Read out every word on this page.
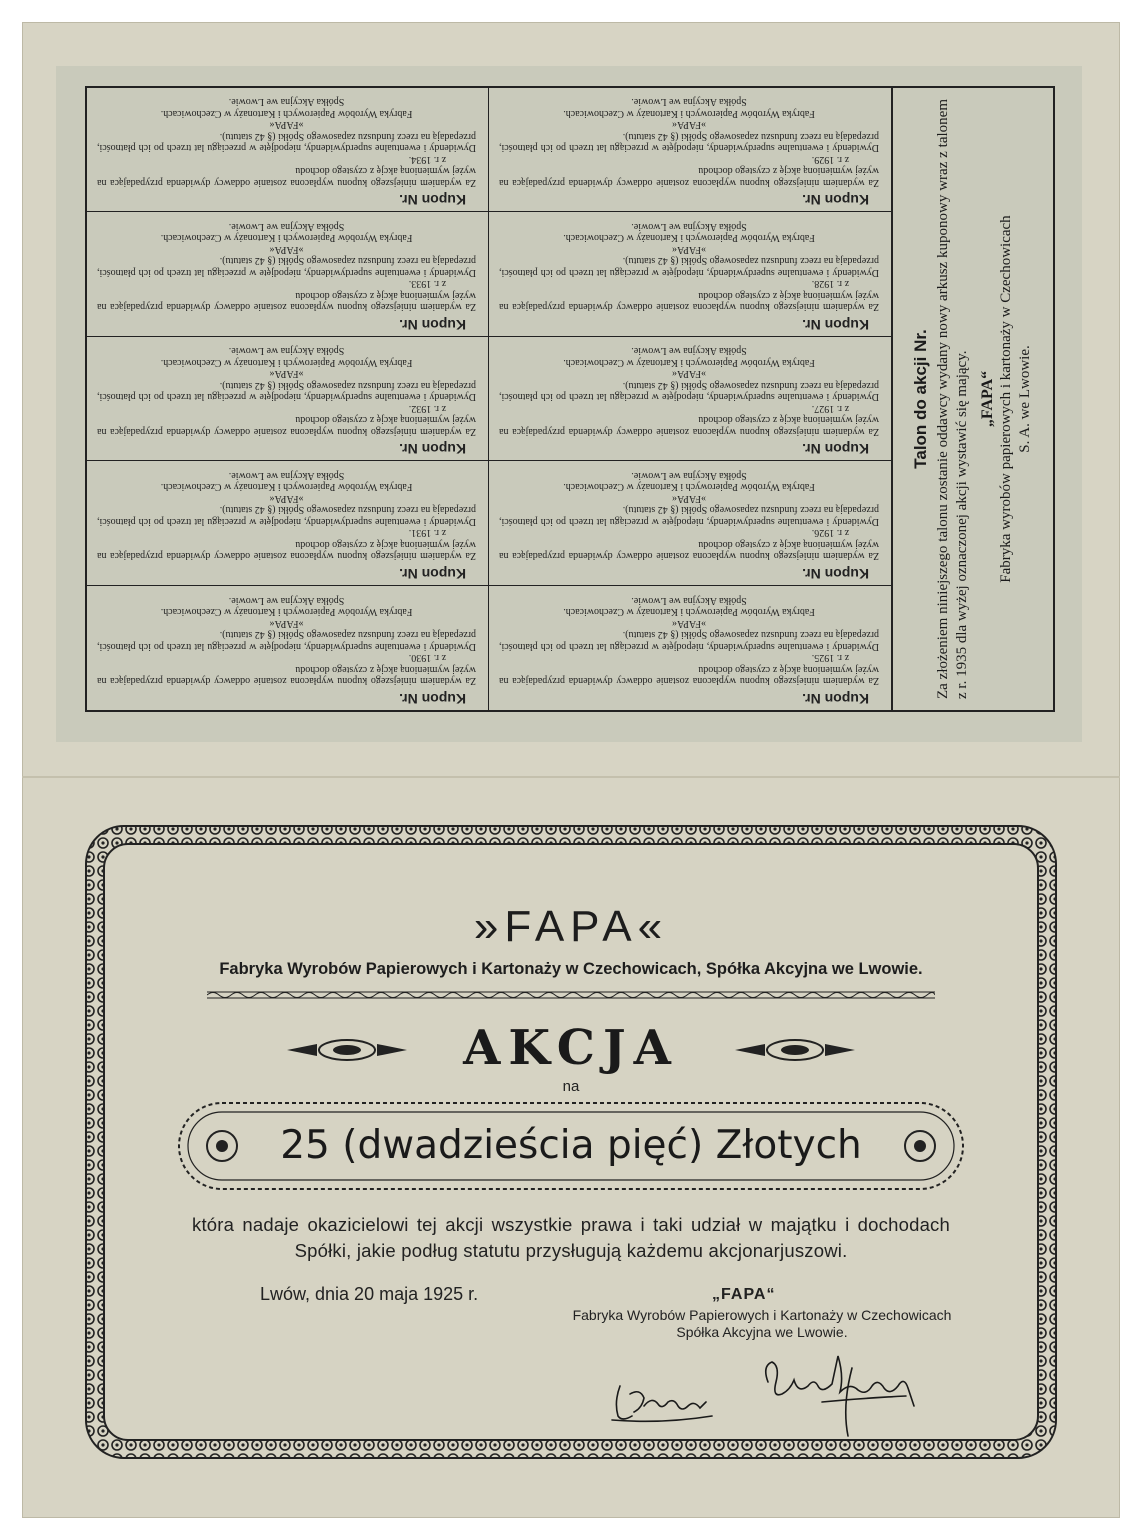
Talon do akcji Nr. Za złożeniem niniejszego talonu zostanie oddawcy wydany nowy arkusz kuponowy wraz z talonem z r. 1935 dla wyżej oznaczonej akcji wystawić się mający. „FAPA“ Fabryka wyrobów papierowych i kartonaży w Czechowicach S. A. we Lwowie.
Kupon Nr.
Za wydaniem niniejszego kuponu wypłacona zostanie oddawcy dywidenda przypadająca na wyżej wymienioną akcję z czystego dochodu
z r. 1925.
Dywidendy i ewentualne superdywidendy, niepodjęte w przeciągu lat trzech po ich płatności, przepadają na rzecz funduszu zapasowego Spółki (§ 42 statutu).
»FAPA«
Fabryka Wyrobów Papierowych i Kartonaży w Czechowicach.
Spółka Akcyjna we Lwowie.
Kupon Nr.
Za wydaniem niniejszego kuponu wypłacona zostanie oddawcy dywidenda przypadająca na wyżej wymienioną akcję z czystego dochodu
z r. 1930.
Dywidendy i ewentualne superdywidendy, niepodjęte w przeciągu lat trzech po ich płatności, przepadają na rzecz funduszu zapasowego Spółki (§ 42 statutu).
»FAPA«
Fabryka Wyrobów Papierowych i Kartonaży w Czechowicach.
Spółka Akcyjna we Lwowie.
Kupon Nr.
Za wydaniem niniejszego kuponu wypłacona zostanie oddawcy dywidenda przypadająca na wyżej wymienioną akcję z czystego dochodu
z r. 1926.
Dywidendy i ewentualne superdywidendy, niepodjęte w przeciągu lat trzech po ich płatności, przepadają na rzecz funduszu zapasowego Spółki (§ 42 statutu).
»FAPA«
Fabryka Wyrobów Papierowych i Kartonaży w Czechowicach.
Spółka Akcyjna we Lwowie.
Kupon Nr.
Za wydaniem niniejszego kuponu wypłacona zostanie oddawcy dywidenda przypadająca na wyżej wymienioną akcję z czystego dochodu
z r. 1931.
Dywidendy i ewentualne superdywidendy, niepodjęte w przeciągu lat trzech po ich płatności, przepadają na rzecz funduszu zapasowego Spółki (§ 42 statutu).
»FAPA«
Fabryka Wyrobów Papierowych i Kartonaży w Czechowicach.
Spółka Akcyjna we Lwowie.
Kupon Nr.
Za wydaniem niniejszego kuponu wypłacona zostanie oddawcy dywidenda przypadająca na wyżej wymienioną akcję z czystego dochodu
z r. 1927.
Dywidendy i ewentualne superdywidendy, niepodjęte w przeciągu lat trzech po ich płatności, przepadają na rzecz funduszu zapasowego Spółki (§ 42 statutu).
»FAPA«
Fabryka Wyrobów Papierowych i Kartonaży w Czechowicach.
Spółka Akcyjna we Lwowie.
Kupon Nr.
Za wydaniem niniejszego kuponu wypłacona zostanie oddawcy dywidenda przypadająca na wyżej wymienioną akcję z czystego dochodu
z r. 1932.
Dywidendy i ewentualne superdywidendy, niepodjęte w przeciągu lat trzech po ich płatności, przepadają na rzecz funduszu zapasowego Spółki (§ 42 statutu).
»FAPA«
Fabryka Wyrobów Papierowych i Kartonaży w Czechowicach.
Spółka Akcyjna we Lwowie.
Kupon Nr.
Za wydaniem niniejszego kuponu wypłacona zostanie oddawcy dywidenda przypadająca na wyżej wymienioną akcję z czystego dochodu
z r. 1928.
Dywidendy i ewentualne superdywidendy, niepodjęte w przeciągu lat trzech po ich płatności, przepadają na rzecz funduszu zapasowego Spółki (§ 42 statutu).
»FAPA«
Fabryka Wyrobów Papierowych i Kartonaży w Czechowicach.
Spółka Akcyjna we Lwowie.
Kupon Nr.
Za wydaniem niniejszego kuponu wypłacona zostanie oddawcy dywidenda przypadająca na wyżej wymienioną akcję z czystego dochodu
z r. 1933.
Dywidendy i ewentualne superdywidendy, niepodjęte w przeciągu lat trzech po ich płatności, przepadają na rzecz funduszu zapasowego Spółki (§ 42 statutu).
»FAPA«
Fabryka Wyrobów Papierowych i Kartonaży w Czechowicach.
Spółka Akcyjna we Lwowie.
Kupon Nr.
Za wydaniem niniejszego kuponu wypłacona zostanie oddawcy dywidenda przypadająca na wyżej wymienioną akcję z czystego dochodu
z r. 1929.
Dywidendy i ewentualne superdywidendy, niepodjęte w przeciągu lat trzech po ich płatności, przepadają na rzecz funduszu zapasowego Spółki (§ 42 statutu).
»FAPA«
Fabryka Wyrobów Papierowych i Kartonaży w Czechowicach.
Spółka Akcyjna we Lwowie.
Kupon Nr.
Za wydaniem niniejszego kuponu wypłacona zostanie oddawcy dywidenda przypadająca na wyżej wymienioną akcję z czystego dochodu
z r. 1934.
Dywidendy i ewentualne superdywidendy, niepodjęte w przeciągu lat trzech po ich płatności, przepadają na rzecz funduszu zapasowego Spółki (§ 42 statutu).
»FAPA«
Fabryka Wyrobów Papierowych i Kartonaży w Czechowicach.
Spółka Akcyjna we Lwowie.
»FAPA«
Fabryka Wyrobów Papierowych i Kartonaży w Czechowicach, Spółka Akcyjna we Lwowie.
AKCJA
na
25 (dwadzieścia pięć) Złotych
która nadaje okazicielowi tej akcji wszystkie prawa i taki udział w majątku i dochodach Spółki, jakie podług statutu przysługują każdemu akcjonarjuszowi.
Lwów, dnia 20 maja 1925 r.	„FAPA“
Fabryka Wyrobów Papierowych i Kartonaży w Czechowicach
Spółka Akcyjna we Lwowie.
